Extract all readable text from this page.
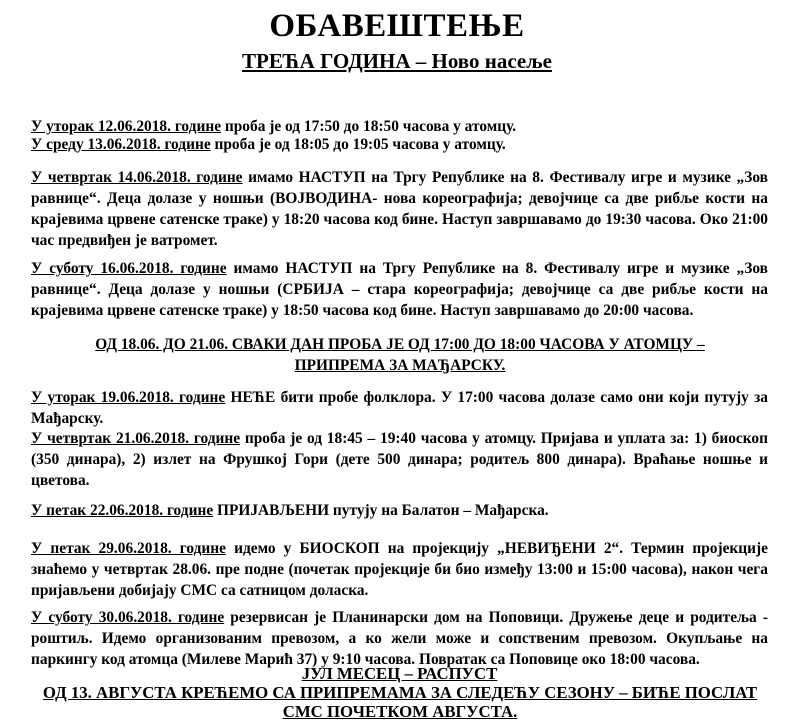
ОБАВЕШТЕЊЕ
ТРЕЋА ГОДИНА – Ново насеље
У уторак 12.06.2018. године проба је од 17:50 до 18:50 часова у атомцу.
У среду 13.06.2018. године проба је од 18:05 до 19:05 часова у атомцу.
У четвртак 14.06.2018. године имамо НАСТУП на Тргу Републике на 8. Фестивалу игре и музике „Зов равнице“. Деца долазе у ношњи (ВОЈВОДИНА- нова кореографија; девојчице са две рибље кости на крајевима црвене сатенске траке) у 18:20 часова код бине. Наступ завршавамо до 19:30 часова. Око 21:00 час предвиђен је ватромет.
У суботу 16.06.2018. године имамо НАСТУП на Тргу Републике на 8. Фестивалу игре и музике „Зов равнице“. Деца долазе у ношњи (СРБИЈА – стара кореографија; девојчице са две рибље кости на крајевима црвене сатенске траке) у 18:50 часова код бине. Наступ завршавамо до 20:00 часова.
ОД 18.06. ДО 21.06. СВАКИ ДАН ПРОБА ЈЕ ОД 17:00 ДО 18:00 ЧАСОВА У АТОМЦУ – ПРИПРЕМА ЗА МАЂАРСКУ.
У уторак 19.06.2018. године НЕЋЕ бити пробе фолклора. У 17:00 часова долазе само они који путују за Мађарску.
У четвртак 21.06.2018. године проба је од 18:45 – 19:40 часова у атомцу. Пријава и уплата за: 1) биоскоп (350 динара), 2) излет на Фрушкој Гори (дете 500 динара; родитељ 800 динара). Враћање ношње и цветова.
У петак 22.06.2018. године ПРИЈАВЉЕНИ путују на Балатон – Мађарска.
У петак 29.06.2018. године идемо у БИОСКОП на пројекцију „НЕВИЂЕНИ 2“. Термин пројекције знаћемо у четвртак 28.06. пре подне (почетак пројекције би био између 13:00 и 15:00 часова), након чега пријављени добијају СМС са сатницом доласка.
У суботу 30.06.2018. године резервисан је Планинарски дом на Поповици. Дружење деце и родитеља - роштиљ. Идемо организованим превозом, а ко жели може и сопственим превозом. Окупљање на паркингу код атомца (Милеве Марић 37) у 9:10 часова. Повратак са Поповице око 18:00 часова.
ЈУЛ МЕСЕЦ – РАСПУСТ
ОД 13. АВГУСТА КРЕЋЕМО СА ПРИПРЕМАМА ЗА СЛЕДЕЋУ СЕЗОНУ – БИЋЕ ПОСЛАТ СМС ПОЧЕТКОМ АВГУСТА.
